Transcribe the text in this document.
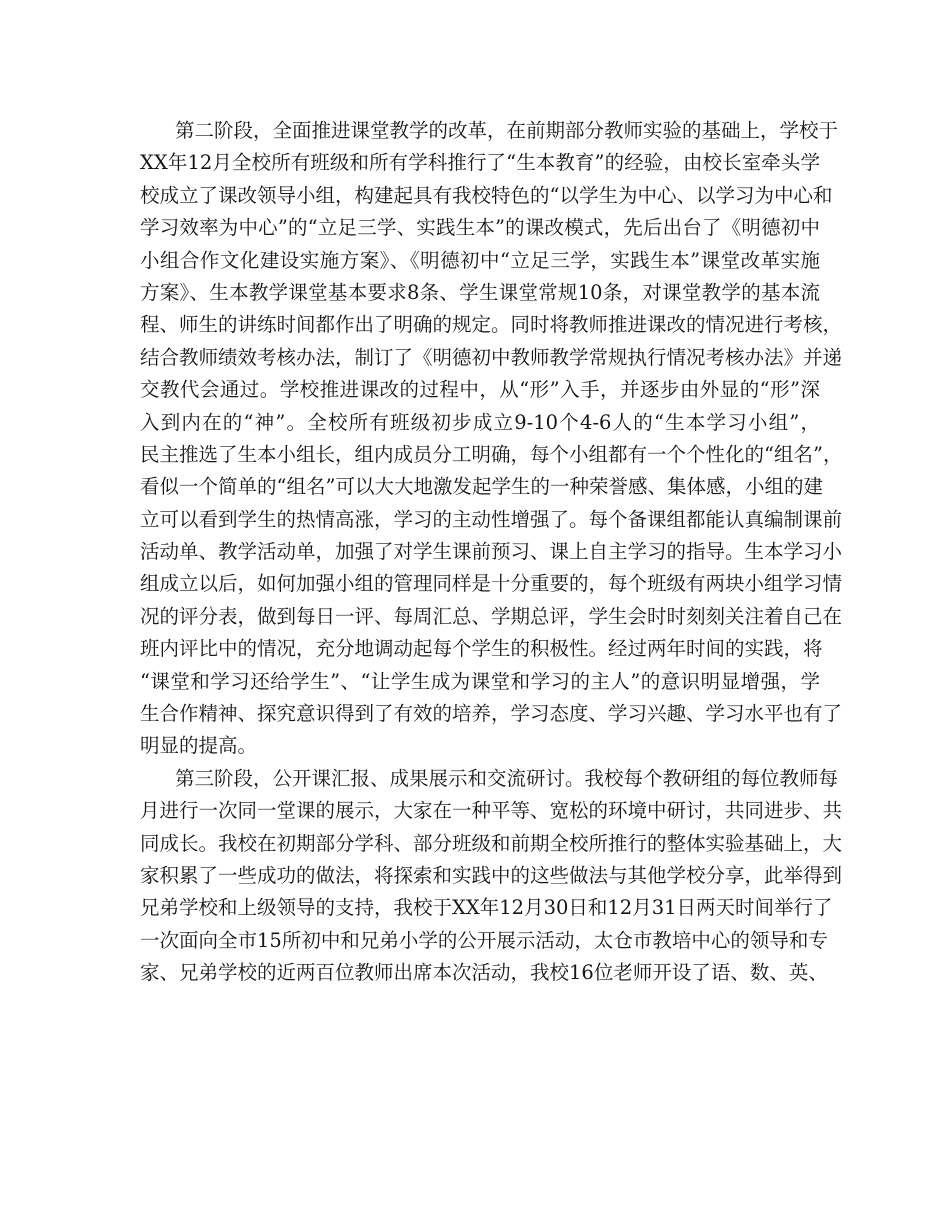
第二阶段，全面推进课堂教学的改革，在前期部分教师实验的基础上，学校于
XX年12月全校所有班级和所有学科推行了“生本教育”的经验，由校长室牵头学
校成立了课改领导小组，构建起具有我校特色的“以学生为中心、以学习为中心和
学习效率为中心”的“立足三学、实践生本”的课改模式，先后出台了《明德初中
小组合作文化建设实施方案》、《明德初中“立足三学，实践生本”课堂改革实施
方案》、生本教学课堂基本要求8条、学生课堂常规10条，对课堂教学的基本流
程、师生的讲练时间都作出了明确的规定。同时将教师推进课改的情况进行考核，
结合教师绩效考核办法，制订了《明德初中教师教学常规执行情况考核办法》并递
交教代会通过。学校推进课改的过程中，从“形”入手，并逐步由外显的“形”深
入到内在的“神”。全校所有班级初步成立9-10个4-6人的“生本学习小组”，
民主推选了生本小组长，组内成员分工明确，每个小组都有一个个性化的“组名”，
看似一个简单的“组名”可以大大地激发起学生的一种荣誉感、集体感，小组的建
立可以看到学生的热情高涨，学习的主动性增强了。每个备课组都能认真编制课前
活动单、教学活动单，加强了对学生课前预习、课上自主学习的指导。生本学习小
组成立以后，如何加强小组的管理同样是十分重要的，每个班级有两块小组学习情
况的评分表，做到每日一评、每周汇总、学期总评，学生会时时刻刻关注着自己在
班内评比中的情况，充分地调动起每个学生的积极性。经过两年时间的实践，将
“课堂和学习还给学生”、“让学生成为课堂和学习的主人”的意识明显增强，学
生合作精神、探究意识得到了有效的培养，学习态度、学习兴趣、学习水平也有了
明显的提高。
第三阶段，公开课汇报、成果展示和交流研讨。我校每个教研组的每位教师每
月进行一次同一堂课的展示，大家在一种平等、宽松的环境中研讨，共同进步、共
同成长。我校在初期部分学科、部分班级和前期全校所推行的整体实验基础上，大
家积累了一些成功的做法，将探索和实践中的这些做法与其他学校分享，此举得到
兄弟学校和上级领导的支持，我校于XX年12月30日和12月31日两天时间举行了
一次面向全市15所初中和兄弟小学的公开展示活动，太仓市教培中心的领导和专
家、兄弟学校的近两百位教师出席本次活动，我校16位老师开设了语、数、英、
